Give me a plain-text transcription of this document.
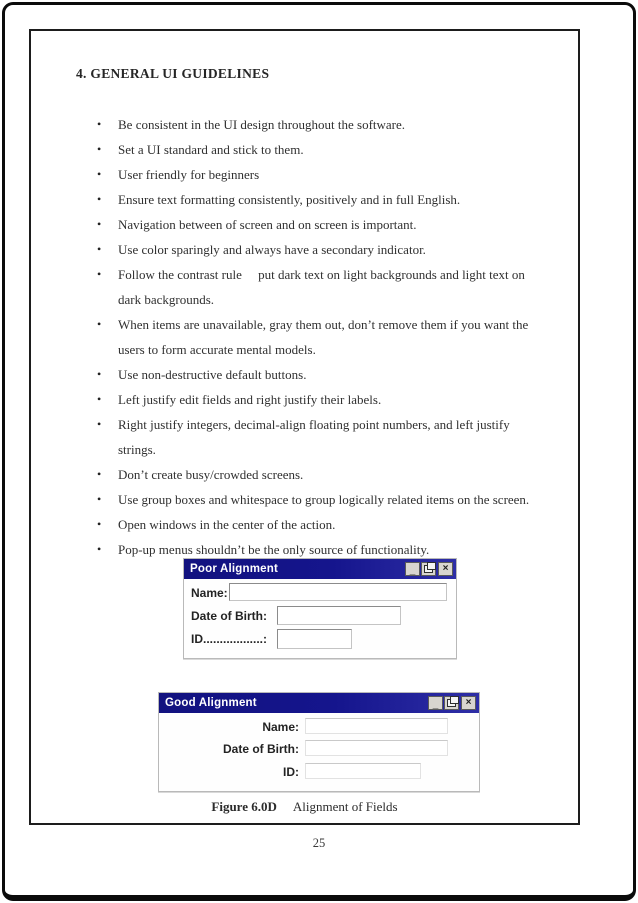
4. GENERAL UI GUIDELINES
•	Be consistent in the UI design throughout the software.
•	Set a UI standard and stick to them.
•	User friendly for beginners
•	Ensure text formatting consistently, positively and in full English.
•	Navigation between of screen and on screen is important.
•	Use color sparingly and always have a secondary indicator.
•	Follow the contrast rule  put dark text on light backgrounds and light text on dark backgrounds.
•	When items are unavailable, gray them out, don’t remove them if you want the users to form accurate mental models.
•	Use non-destructive default buttons.
•	Left justify edit fields and right justify their labels.
•	Right justify integers, decimal-align floating point numbers, and left justify strings.
•	Don’t create busy/crowded screens.
•	Use group boxes and whitespace to group logically related items on the screen.
•	Open windows in the center of the action.
•	Pop-up menus shouldn’t be the only source of functionality.
Poor Alignment	_	×
Name:
Date of Birth:
ID..................:
Good Alignment	_	×
Name:
Date of Birth:
ID:
Figure 6.0D Alignment of Fields
25
